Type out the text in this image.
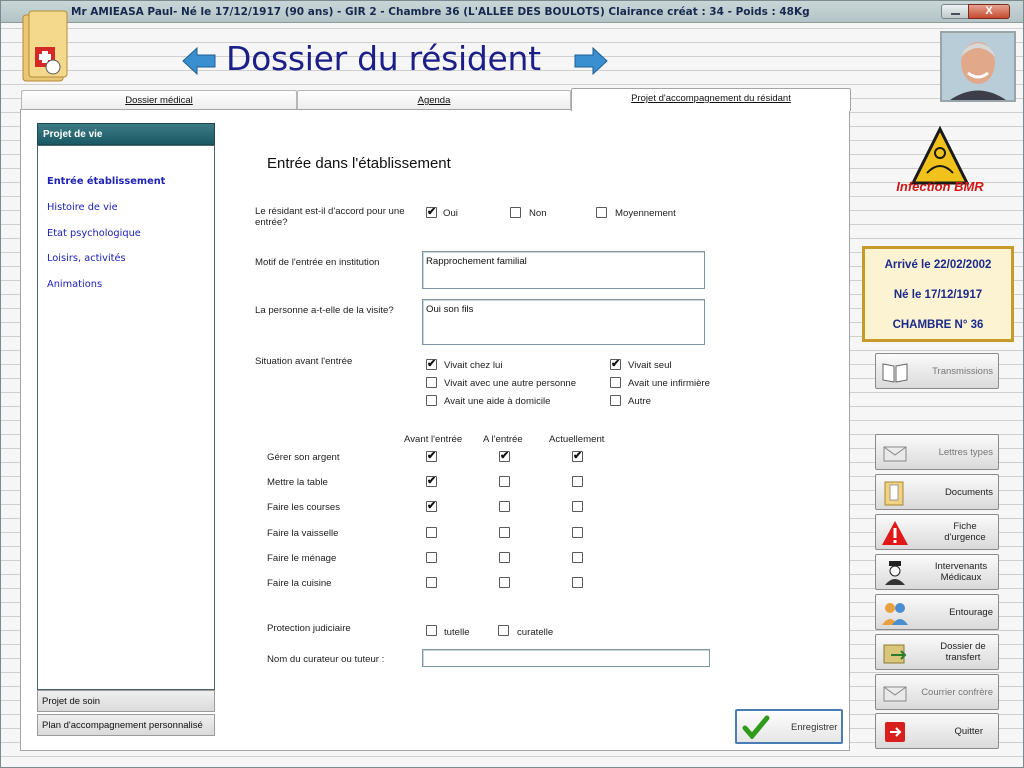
Mr AMIEASA Paul- Né le 17/12/1917 (90 ans) - GIR 2 - Chambre 36 (L'ALLEE DES BOULOTS) Clairance créat : 34 - Poids : 48Kg	X
Dossier du résident
Dossier médical	Agenda	Projet d'accompagnement du résidant
Projet de vie
Entrée établissement
Histoire de vie
Etat psychologique
Loisirs, activités
Animations
Projet de soin
Plan d'accompagnement personnalisé
Entrée dans l'établissement
Le résidant est-il d'accord pour une entrée?
✔
Oui	Non	Moyennement
Motif de l'entrée en institution	Rapprochement familial
La personne a-t-elle de la visite?	Oui son fils
Situation avant l'entrée
✔	Vivait chez lui
Vivait avec une autre personne
Avait une aide à domicile
✔
Vivait seul
Avait une infirmière
Autre
Avant l'entrée A l'entrée	Actuellement
Gérer son argent
✔
✔
✔
Mettre la table
✔
Faire les courses
✔
Faire la vaisselle
Faire le ménage
Faire la cuisine
Protection judiciaire	tutelle	curatelle
Nom du curateur ou tuteur :
Enregistrer
Infection BMR
Arrivé le 22/02/2002
Né le 17/12/1917
CHAMBRE N° 36
Transmissions
Lettres types
Documents
Fiche d'urgence
Intervenants Médicaux
Entourage
Dossier de transfert
Courrier confrère
Quitter
